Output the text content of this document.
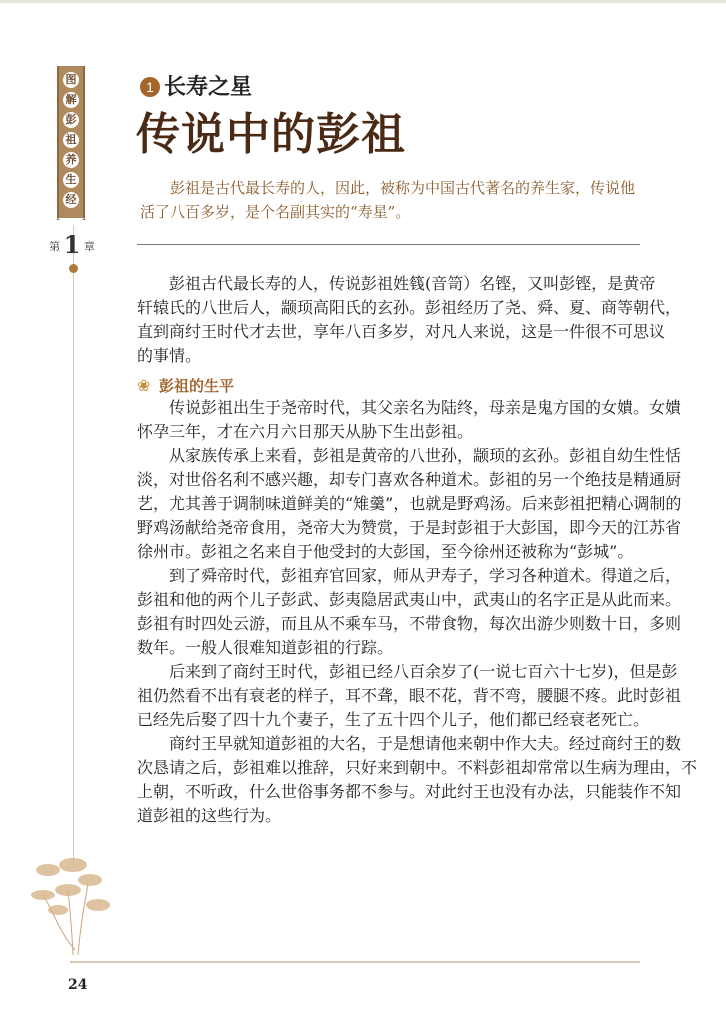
图
解
彭
祖
养
生
经
第 1 章
1 长寿之星
传说中的彭祖
　　彭祖是古代最长寿的人，因此，被称为中国古代著名的养生家，传说他活了八百多岁，是个名副其实的“寿星”。
彭祖古代最长寿的人，传说彭祖姓篯(音笥）名铿，又叫彭铿，是黄帝
轩辕氏的八世后人，颛顼高阳氏的玄孙。彭祖经历了尧、舜、夏、商等朝代，
直到商纣王时代才去世，享年八百多岁，对凡人来说，这是一件很不可思议
的事情。
❀ 彭祖的生平
传说彭祖出生于尧帝时代，其父亲名为陆终，母亲是鬼方国的女嬇。女嬇
怀孕三年，才在六月六日那天从胁下生出彭祖。
从家族传承上来看，彭祖是黄帝的八世孙，颛顼的玄孙。彭祖自幼生性恬
淡，对世俗名利不感兴趣，却专门喜欢各种道术。彭祖的另一个绝技是精通厨
艺，尤其善于调制味道鲜美的“雉羹”，也就是野鸡汤。后来彭祖把精心调制的
野鸡汤献给尧帝食用，尧帝大为赞赏，于是封彭祖于大彭国，即今天的江苏省
徐州市。彭祖之名来自于他受封的大彭国，至今徐州还被称为“彭城”。
到了舜帝时代，彭祖弃官回家，师从尹寿子，学习各种道术。得道之后，
彭祖和他的两个儿子彭武、彭夷隐居武夷山中，武夷山的名字正是从此而来。
彭祖有时四处云游，而且从不乘车马，不带食物，每次出游少则数十日，多则
数年。一般人很难知道彭祖的行踪。
后来到了商纣王时代，彭祖已经八百余岁了(一说七百六十七岁)，但是彭
祖仍然看不出有衰老的样子，耳不聋，眼不花，背不弯，腰腿不疼。此时彭祖
已经先后娶了四十九个妻子，生了五十四个儿子，他们都已经衰老死亡。
商纣王早就知道彭祖的大名，于是想请他来朝中作大夫。经过商纣王的数
次恳请之后，彭祖难以推辞，只好来到朝中。不料彭祖却常常以生病为理由，不
上朝，不听政，什么世俗事务都不参与。对此纣王也没有办法，只能装作不知
道彭祖的这些行为。
24
